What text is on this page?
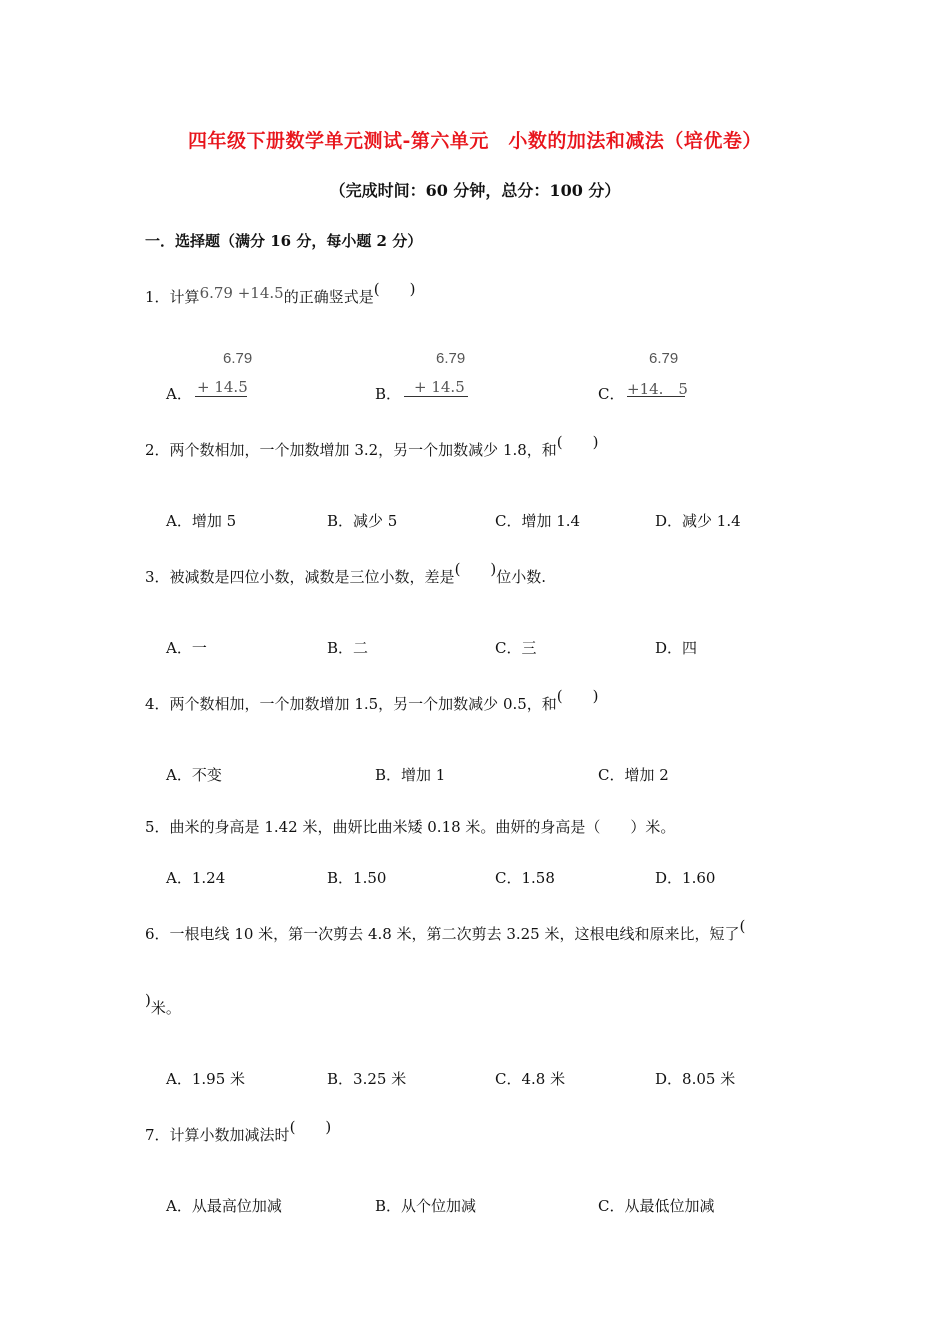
四年级下册数学单元测试-第六单元　小数的加法和减法（培优卷）
（完成时间：60 分钟，总分：100 分）
一．选择题（满分 16 分，每小题 2 分）
1．计算6.79 +14.5的正确竖式是(　　)
A．
6.79
+ 14.5	B．
6.79
+ 14.5	C．
6.79
+14.　5
2．两个数相加，一个加数增加 3.2，另一个加数减少 1.8，和(　　)
A．增加 5	B．减少 5	C．增加 1.4	D．减少 1.4
3．被减数是四位小数，减数是三位小数，差是(　　)位小数.
A．一	B．二	C．三	D．四
4．两个数相加，一个加数增加 1.5，另一个加数减少 0.5，和(　　)
A．不变	B．增加 1	C．增加 2
5．曲米的身高是 1.42 米，曲妍比曲米矮 0.18 米。曲妍的身高是（　　）米。
A．1.24	B．1.50	C．1.58	D．1.60
6．一根电线 10 米，第一次剪去 4.8 米，第二次剪去 3.25 米，这根电线和原来比，短了(
)米。
A．1.95 米	B．3.25 米	C．4.8 米	D．8.05 米
7．计算小数加减法时(　　)
A．从最高位加减	B．从个位加减	C．从最低位加减
